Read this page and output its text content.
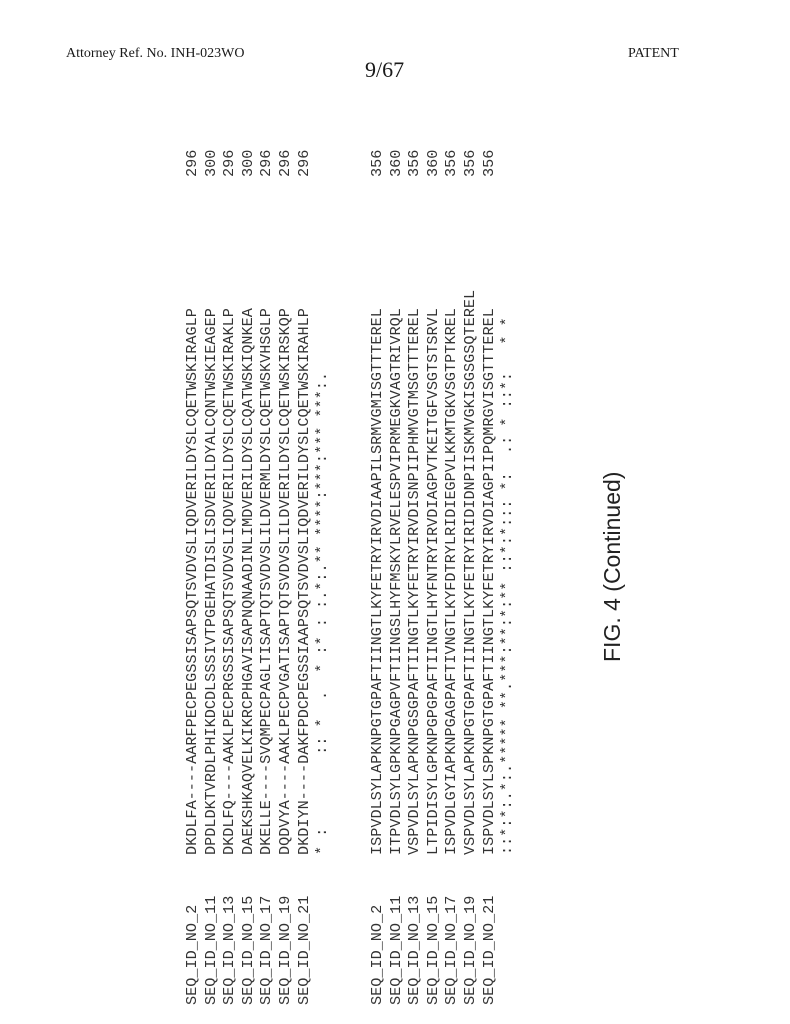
Attorney Ref. No. INH-023WO	PATENT
9/67
SEQ_ID_NO_2
DKDLFA----AARFPECPEGSSISAPSQTSVDVSLIQDVERILDYSLCQETWSKIRAGLP
296
SEQ_ID_NO_11
DPDLDKTVRDLPHIKDCDLSSSIVTPGEHATDISLISDVERILDYALCQNTWSKIEAGEP
300
SEQ_ID_NO_13
DKDLFQ----AAKLPECPRGSSISAPSQTSVDVSLIQDVERILDYSLCQETWSKIRAKLP
296
SEQ_ID_NO_15
DAEKSHKAQVELKIKRCPHGAVISAPNQNAADINLIMDVERILDYSLCQATWSKIQNKEA
300
SEQ_ID_NO_17
DKELLE----SVQMPECPAGLTISAPTQTSVDVSLILDVERMLDYSLCQETWSKVHSGLP
296
SEQ_ID_NO_19
DQDVYA----AAKLPECPVGATISAPTQTSVDVSLILDVERILDYSLCQETWSKIRSKQP
296
SEQ_ID_NO_21
DKDIYN----DAKFPDCPEGSSIAAPSQTSVDVSLIQDVERILDYSLCQETWSKIRAHLP
296
* :        :: *  .  * :* : :.*:.** ****:***:*** ***:.
SEQ_ID_NO_2
ISPVDLSYLAPKNPGTGPAFTIINGTLKYFETRYIRVDIAAPILSRMVGMISGTTTEREL
356
SEQ_ID_NO_11
ITPVDLSYLGPKNPGAGPVFTIINGSLHYFMSKYLRVELESPVIPRMEGKVAGTRIVRQL
360
SEQ_ID_NO_13
VSPVDLSYLAPKNPGSGPAFTIINGTLKYFETRYIRVDISNPIIPHMVGTMSGTTTEREL
356
SEQ_ID_NO_15
LTPIDISYLGPKNPGPGPAFTIINGTLHYFNTRYIRVDIAGPVTKEITGFVSGTSTSRVL
360
SEQ_ID_NO_17
ISPVDLGYIAPKNPGAGPAFTIVNGTLKYFDTRYLRIDIEGPVLKKMTGKVSGTPTKREL
356
SEQ_ID_NO_19
VSPVDLSYLAPKNPGTGPAFTIINGTLKYFETRYIRIDIDNPIISKMVGKISGSGSQTEREL
356
SEQ_ID_NO_21
ISPVDLSYLSPKNPGTGPAFTIINGTLKYFETRYIRVDIAGPIIPQMRGVISGTTTEREL
356
::*:*:.*:.***** **.***:**:*:** ::*:*::: *:  .: * ::*:   * *	FIG. 4 (Continued)
